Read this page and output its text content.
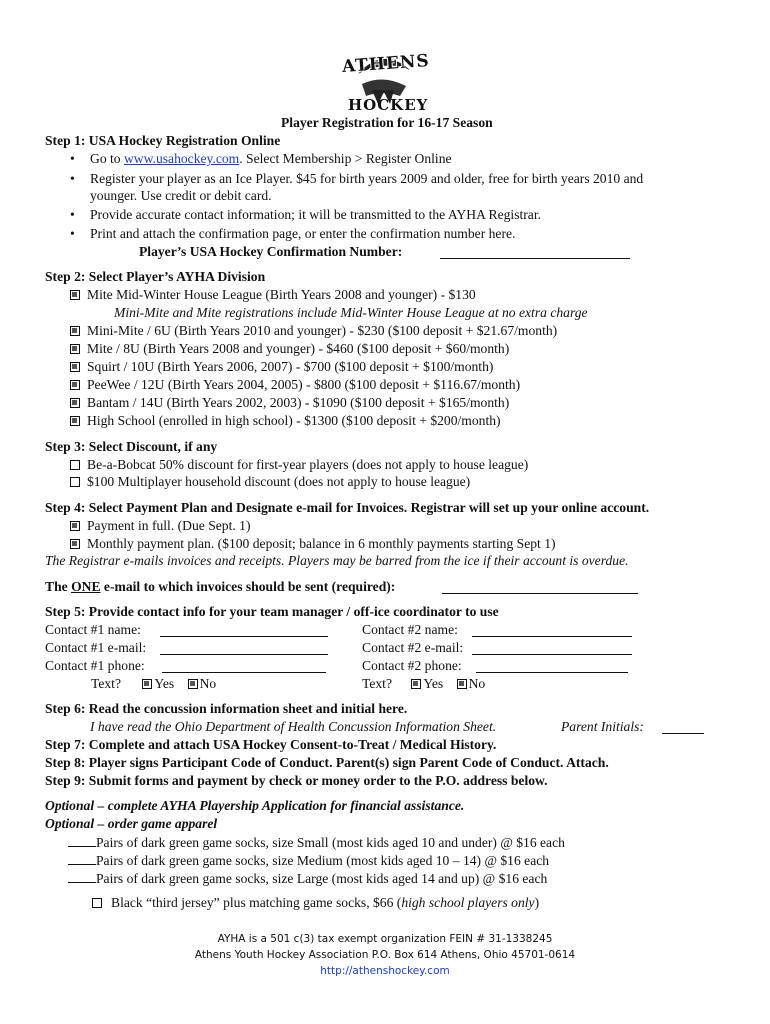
ATHENS
HOCKEY
Player Registration for 16-17 Season
Step 1: USA Hockey Registration Online
• Go to www.usahockey.com. Select Membership > Register Online
• Register your player as an Ice Player. $45 for birth years 2009 and older, free for birth years 2010 and
younger. Use credit or debit card.
• Provide accurate contact information; it will be transmitted to the AYHA Registrar.
• Print and attach the confirmation page, or enter the confirmation number here.
Player’s USA Hockey Confirmation Number:
Step 2: Select Player’s AYHA Division
Mite Mid-Winter House League (Birth Years 2008 and younger) - $130
Mini-Mite and Mite registrations include Mid-Winter House League at no extra charge
Mini-Mite / 6U (Birth Years 2010 and younger) - $230 ($100 deposit + $21.67/month)
Mite / 8U (Birth Years 2008 and younger) - $460 ($100 deposit + $60/month)
Squirt / 10U (Birth Years 2006, 2007) - $700 ($100 deposit + $100/month)
PeeWee / 12U (Birth Years 2004, 2005) - $800 ($100 deposit + $116.67/month)
Bantam / 14U (Birth Years 2002, 2003) - $1090 ($100 deposit + $165/month)
High School (enrolled in high school) - $1300 ($100 deposit + $200/month)
Step 3: Select Discount, if any
Be-a-Bobcat 50% discount for first-year players (does not apply to house league)
$100 Multiplayer household discount (does not apply to house league)
Step 4: Select Payment Plan and Designate e-mail for Invoices. Registrar will set up your online account.
Payment in full. (Due Sept. 1)
Monthly payment plan. ($100 deposit; balance in 6 monthly payments starting Sept 1)
The Registrar e-mails invoices and receipts. Players may be barred from the ice if their account is overdue.
The ONE e-mail to which invoices should be sent (required):
Step 5: Provide contact info for your team manager / off-ice coordinator to use
Contact #1 name:
Contact #1 e-mail:
Contact #1 phone:
Text? Yes No
Contact #2 name:
Contact #2 e-mail:
Contact #2 phone:
Text? Yes No
Step 6: Read the concussion information sheet and initial here.
I have read the Ohio Department of Health Concussion Information Sheet.	Parent Initials:
Step 7: Complete and attach USA Hockey Consent-to-Treat / Medical History.
Step 8: Player signs Participant Code of Conduct. Parent(s) sign Parent Code of Conduct. Attach.
Step 9: Submit forms and payment by check or money order to the P.O. address below.
Optional – complete AYHA Playership Application for financial assistance.
Optional – order game apparel
Pairs of dark green game socks, size Small (most kids aged 10 and under) @ $16 each
Pairs of dark green game socks, size Medium (most kids aged 10 – 14) @ $16 each
Pairs of dark green game socks, size Large (most kids aged 14 and up) @ $16 each
Black “third jersey” plus matching game socks, $66 (high school players only)
AYHA is a 501 c(3) tax exempt organization FEIN # 31-1338245
Athens Youth Hockey Association P.O. Box 614 Athens, Ohio 45701-0614
http://athenshockey.com
